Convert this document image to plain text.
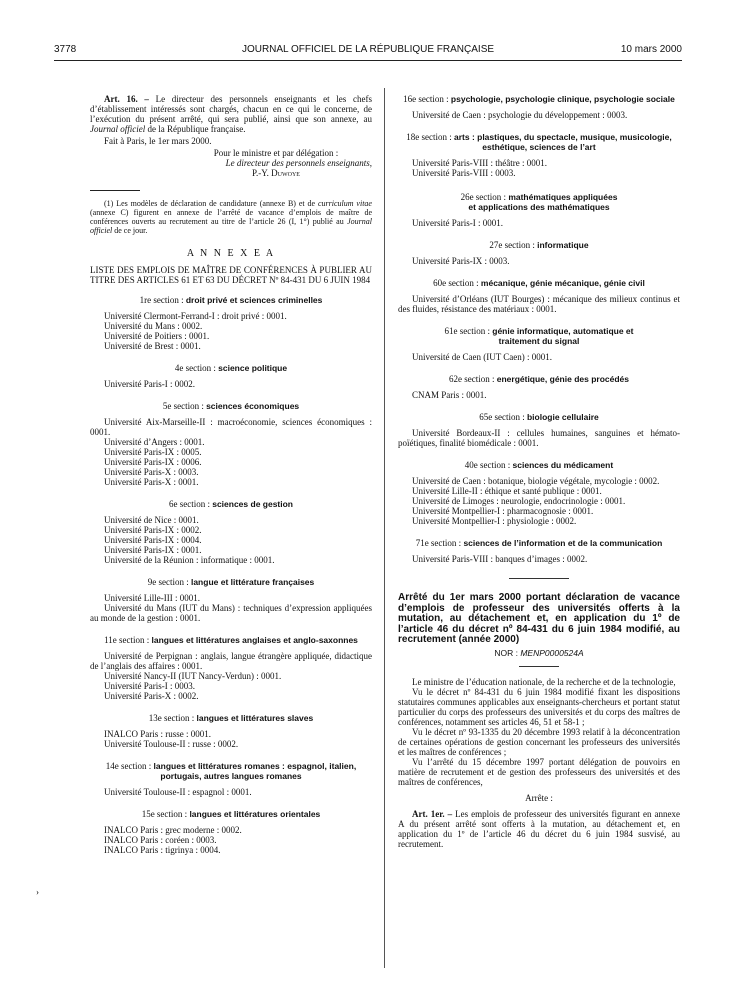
3778	JOURNAL OFFICIEL DE LA RÉPUBLIQUE FRANÇAISE	10 mars 2000
›

Art. 16. – Le directeur des personnels enseignants et les chefs d’établissement intéressés sont chargés, chacun en ce qui le concerne, de l’exécution du présent arrêté, qui sera publié, ainsi que son annexe, au Journal officiel de la République française.

Fait à Paris, le 1er mars 2000.

Pour le ministre et par délégation :

Le directeur des personnels enseignants,

P.-Y. Duwoye

(1) Les modèles de déclaration de candidature (annexe B) et de curriculum vitae (annexe C) figurent en annexe de l’arrêté de vacance d’emplois de maître de conférences ouverts au recrutement au titre de l’article 26 (I, 1°) publié au Journal officiel de ce jour.

A N N E X E A

LISTE DES EMPLOIS DE MAÎTRE DE CONFÉRENCES À PUBLIER AU TITRE DES ARTICLES 61 ET 63 DU DÉCRET Nº 84-431 DU 6 JUIN 1984

1re section : droit privé et sciences criminelles

Université Clermont-Ferrand-I : droit privé : 0001.

Université du Mans : 0002.

Université de Poitiers : 0001.

Université de Brest : 0001.

4e section : science politique

Université Paris-I : 0002.

5e section : sciences économiques

Université Aix-Marseille-II : macroéconomie, sciences économiques : 0001.

Université d’Angers : 0001.

Université Paris-IX : 0005.

Université Paris-IX : 0006.

Université Paris-X : 0003.

Université Paris-X : 0001.

6e section : sciences de gestion

Université de Nice : 0001.

Université Paris-IX : 0002.

Université Paris-IX : 0004.

Université Paris-IX : 0001.

Université de la Réunion : informatique : 0001.

9e section : langue et littérature françaises

Université Lille-III : 0001.

Université du Mans (IUT du Mans) : techniques d’expression appliquées au monde de la gestion : 0001.

11e section : langues et littératures anglaises et anglo-saxonnes

Université de Perpignan : anglais, langue étrangère appliquée, didactique de l’anglais des affaires : 0001.

Université Nancy-II (IUT Nancy-Verdun) : 0001.

Université Paris-I : 0003.

Université Paris-X : 0002.

13e section : langues et littératures slaves

INALCO Paris : russe : 0001.

Université Toulouse-II : russe : 0002.

14e section : langues et littératures romanes : espagnol, italien, portugais, autres langues romanes

Université Toulouse-II : espagnol : 0001.

15e section : langues et littératures orientales

INALCO Paris : grec moderne : 0002.

INALCO Paris : coréen : 0003.

INALCO Paris : tigrinya : 0004.

16e section : psychologie, psychologie clinique, psychologie sociale

Université de Caen : psychologie du développement : 0003.

18e section : arts : plastiques, du spectacle, musique, musicologie, esthétique, sciences de l’art

Université Paris-VIII : théâtre : 0001.

Université Paris-VIII : 0003.

26e section : mathématiques appliquées et applications des mathématiques

Université Paris-I : 0001.

27e section : informatique

Université Paris-IX : 0003.

60e section : mécanique, génie mécanique, génie civil

Université d’Orléans (IUT Bourges) : mécanique des milieux continus et des fluides, résistance des matériaux : 0001.

61e section : génie informatique, automatique et traitement du signal

Université de Caen (IUT Caen) : 0001.

62e section : energétique, génie des procédés

CNAM Paris : 0001.

65e section : biologie cellulaire

Université Bordeaux-II : cellules humaines, sanguines et hémato-poïétiques, finalité biomédicale : 0001.

40e section : sciences du médicament

Université de Caen : botanique, biologie végétale, mycologie : 0002.

Université Lille-II : éthique et santé publique : 0001.

Université de Limoges : neurologie, endocrinologie : 0001.

Université Montpellier-I : pharmacognosie : 0001.

Université Montpellier-I : physiologie : 0002.

71e section : sciences de l’information et de la communication

Université Paris-VIII : banques d’images : 0002.

Arrêté du 1er mars 2000 portant déclaration de vacance d’emplois de professeur des universités offerts à la mutation, au détachement et, en application du 1º de l’article 46 du décret nº 84-431 du 6 juin 1984 modifié, au recrutement (année 2000)

NOR : MENP0000524A

Le ministre de l’éducation nationale, de la recherche et de la technologie,

Vu le décret nº 84-431 du 6 juin 1984 modifié fixant les dispositions statutaires communes applicables aux enseignants-chercheurs et portant statut particulier du corps des professeurs des universités et du corps des maîtres de conférences, notamment ses articles 46, 51 et 58-1 ;

Vu le décret nº 93-1335 du 20 décembre 1993 relatif à la déconcentration de certaines opérations de gestion concernant les professeurs des universités et les maîtres de conférences ;

Vu l’arrêté du 15 décembre 1997 portant délégation de pouvoirs en matière de recrutement et de gestion des professeurs des universités et des maîtres de conférences,

Arrête :

Art. 1er. – Les emplois de professeur des universités figurant en annexe A du présent arrêté sont offerts à la mutation, au détachement et, en application du 1º de l’article 46 du décret du 6 juin 1984 susvisé, au recrutement.
